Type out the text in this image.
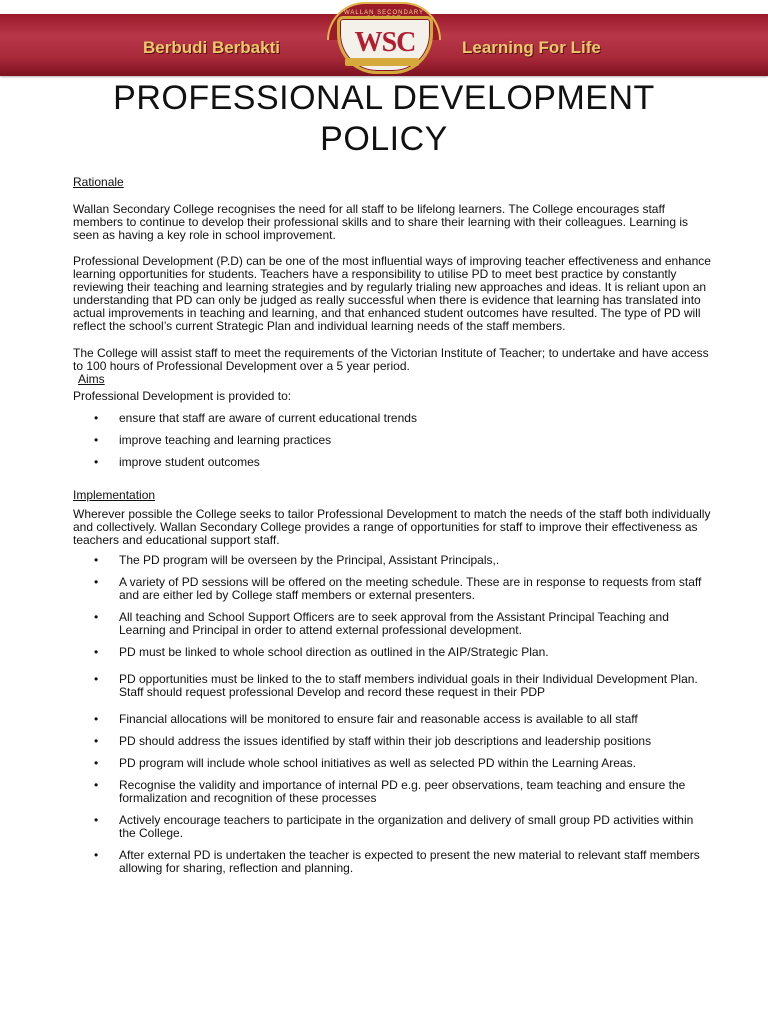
Berbudi Berbakti	Learning For Life
WALLAN SECONDARY
WSC
PROFESSIONAL DEVELOPMENT
POLICY

Rationale

Wallan Secondary College recognises the need for all staff to be lifelong learners. The College encourages staff members to continue to develop their professional skills and to share their learning with their colleagues. Learning is seen as having a key role in school improvement.

Professional Development (P.D) can be one of the most influential ways of improving teacher effectiveness and enhance learning opportunities for students. Teachers have a responsibility to utilise PD to meet best practice by constantly reviewing their teaching and learning strategies and by regularly trialing new approaches and ideas. It is reliant upon an understanding that PD can only be judged as really successful when there is evidence that learning has translated into actual improvements in teaching and learning, and that enhanced student outcomes have resulted. The type of PD will reflect the school’s current Strategic Plan and individual learning needs of the staff members.

The College will assist staff to meet the requirements of the Victorian Institute of Teacher; to undertake and have access to 100 hours of Professional Development over a 5 year period.

Aims

Professional Development is provided to:

• ensure that staff are aware of current educational trends
• improve teaching and learning practices
• improve student outcomes

Implementation

Wherever possible the College seeks to tailor Professional Development to match the needs of the staff both individually and collectively. Wallan Secondary College provides a range of opportunities for staff to improve their effectiveness as teachers and educational support staff.

• The PD program will be overseen by the Principal, Assistant Principals,.
• A variety of PD sessions will be offered on the meeting schedule. These are in response to requests from staff and are either led by College staff members or external presenters.
• All teaching and School Support Officers are to seek approval from the Assistant Principal Teaching and Learning and Principal in order to attend external professional development.
• PD must be linked to whole school direction as outlined in the AIP/Strategic Plan.
• PD opportunities must be linked to the to staff members individual goals in their Individual Development Plan. Staff should request professional Develop and record these request in their PDP
• Financial allocations will be monitored to ensure fair and reasonable access is available to all staff
• PD should address the issues identified by staff within their job descriptions and leadership positions
• PD program will include whole school initiatives as well as selected PD within the Learning Areas.
• Recognise the validity and importance of internal PD e.g. peer observations, team teaching and ensure the formalization and recognition of these processes
• Actively encourage teachers to participate in the organization and delivery of small group PD activities within the College.
• After external PD is undertaken the teacher is expected to present the new material to relevant staff members allowing for sharing, reflection and planning.
